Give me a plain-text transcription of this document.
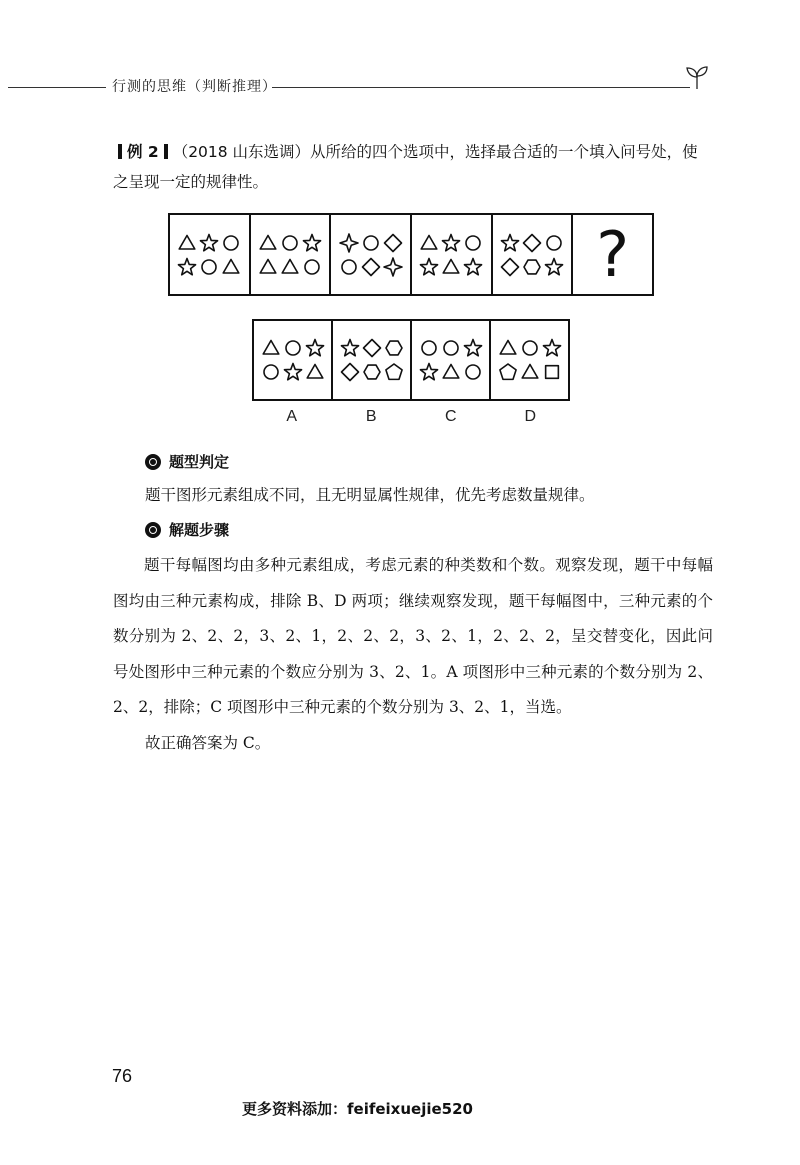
行测的思维（判断推理）
例 2 （2018 山东选调）从所给的四个选项中，选择最合适的一个填入问号处，使之呈现一定的规律性。
?
A	B	C	D
题型判定
题干图形元素组成不同，且无明显属性规律，优先考虑数量规律。
解题步骤
题干每幅图均由多种元素组成，考虑元素的种类数和个数。观察发现，题干中每幅图均由三种元素构成，排除 B、D 两项；继续观察发现，题干每幅图中，三种元素的个数分别为 2、2、2，3、2、1，2、2、2，3、2、1，2、2、2，呈交替变化，因此问号处图形中三种元素的个数应分别为 3、2、1。A 项图形中三种元素的个数分别为 2、2、2，排除；C 项图形中三种元素的个数分别为 3、2、1，当选。
故正确答案为 C。
76
更多资料添加：feifeixuejie520
